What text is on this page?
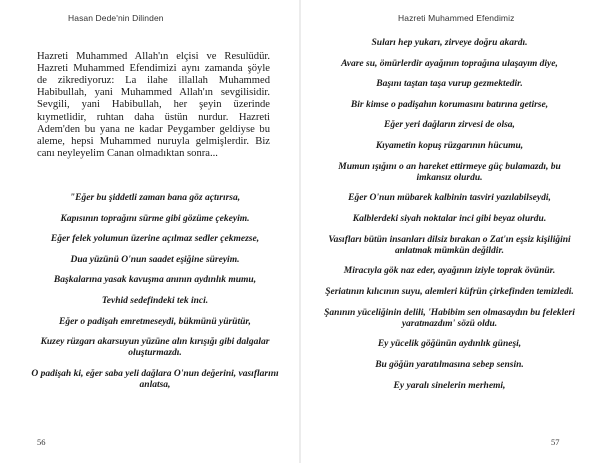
Hasan Dede'nin Dilinden

Hazreti Muhammed Allah'ın elçisi ve Resulüdür. Hazreti Muhammed Efendimizi aynı zamanda şöyle de zikrediyoruz: La ilahe illallah Muhammed Habibullah, yani Muhammed Allah'ın sevgilisidir. Sevgili, yani Habibullah, her şeyin üzerinde kıymetlidir, ruhtan daha üstün nurdur. Hazreti Adem'den bu yana ne kadar Peygamber geldiyse bu aleme, hepsi Muhammed nuruyla gelmişlerdir. Biz canı neyleyelim Canan olmadıktan sonra...

"Eğer bu şiddetli zaman bana göz açtırırsa,
Kapısının toprağını sürme gibi gözüme çekeyim.
Eğer felek yolumun üzerine açılmaz sedler çekmezse,
Dua yüzünü O'nun saadet eşiğine süreyim.
Başkalarına yasak kavuşma anının aydınlık mumu,
Tevhid sedefindeki tek inci.
Eğer o padişah emretmeseydi, bükmünü yürütür,
Kuzey rüzgarı akarsuyun yüzüne alın kırışığı gibi dalgalar oluşturmazdı.
O padişah ki, eğer saba yeli dağlara O'nun değerini, vasıflarını anlatsa,
56
Hazreti Muhammed Efendimiz
Suları hep yukarı, zirveye doğru akardı.
Avare su, ömürlerdir ayağının toprağına ulaşayım diye,
Başını taştan taşa vurup gezmektedir.
Bir kimse o padişahın korumasını batırına getirse,
Eğer yeri dağların zirvesi de olsa,
Kıyametin kopuş rüzgarının hücumu,
Mumun ışığını o an hareket ettirmeye güç bulamazdı, bu imkansız olurdu.
Eğer O'nun mübarek kalbinin tasviri yazılabilseydi,
Kalblerdeki siyah noktalar inci gibi beyaz olurdu.
Vasıfları bütün insanları dilsiz bırakan o Zat'ın eşsiz kişiliğini anlatmak mümkün değildir.
Miracıyla gök naz eder, ayağının iziyle toprak övünür.
Şeriatının kılıcının suyu, alemleri küfrün çirkefinden temizledi.
Şanının yüceliğinin delili, 'Habibim sen olmasaydın bu felekleri yaratmazdım' sözü oldu.
Ey yücelik göğünün aydınlık güneşi,
Bu göğün yaratılmasına sebep sensin.
Ey yaralı sinelerin merhemi,
57
